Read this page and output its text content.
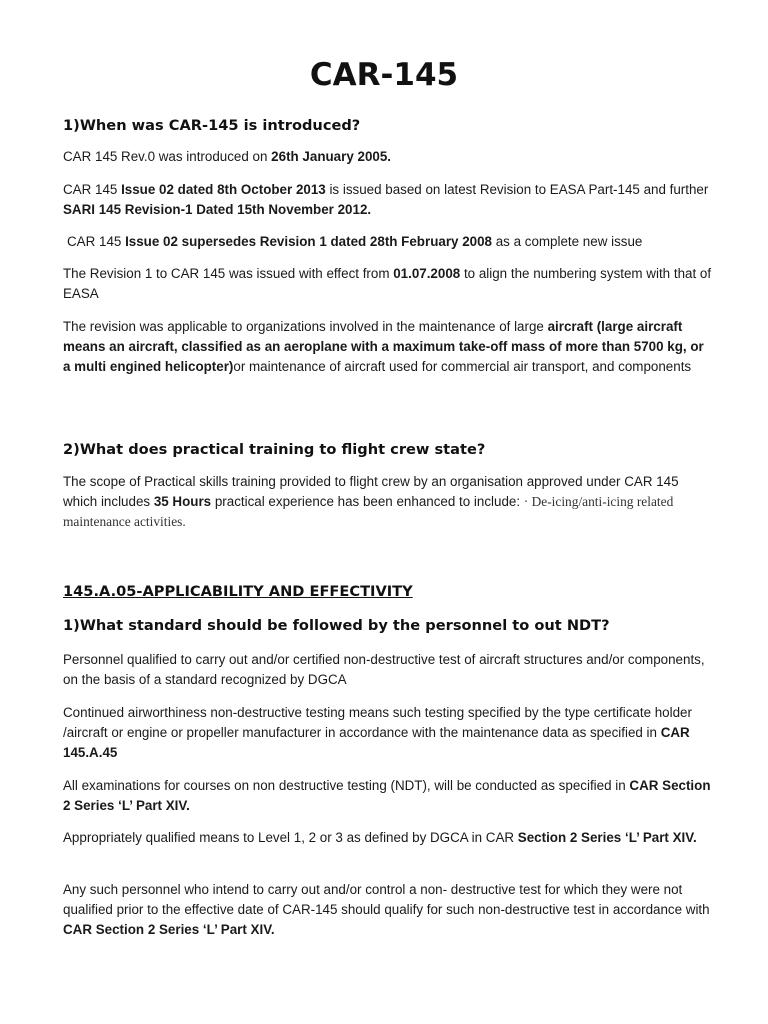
CAR-145
1)When was CAR-145 is introduced?

CAR 145 Rev.0 was introduced on 26th January 2005.

CAR 145 Issue 02 dated 8th October 2013 is issued based on latest Revision to EASA Part-145 and further SARI 145 Revision-1 Dated 15th November 2012.

CAR 145 Issue 02 supersedes Revision 1 dated 28th February 2008 as a complete new issue

The Revision 1 to CAR 145 was issued with effect from 01.07.2008 to align the numbering system with that of EASA

The revision was applicable to organizations involved in the maintenance of large aircraft (large aircraft means an aircraft, classified as an aeroplane with a maximum take-off mass of more than 5700 kg, or a multi engined helicopter)or maintenance of aircraft used for commercial air transport, and components

2)What does practical training to flight crew state?

The scope of Practical skills training provided to flight crew by an organisation approved under CAR 145 which includes 35 Hours practical experience has been enhanced to include: · De-icing/anti-icing related maintenance activities.

145.A.05-APPLICABILITY AND EFFECTIVITY
1)What standard should be followed by the personnel to out NDT?

Personnel qualified to carry out and/or certified non-destructive test of aircraft structures and/or components, on the basis of a standard recognized by DGCA

Continued airworthiness non-destructive testing means such testing specified by the type certificate holder /aircraft or engine or propeller manufacturer in accordance with the maintenance data as specified in CAR 145.A.45

All examinations for courses on non destructive testing (NDT), will be conducted as specified in CAR Section 2 Series ‘L’ Part XIV.

Appropriately qualified means to Level 1, 2 or 3 as defined by DGCA in CAR Section 2 Series ‘L’ Part XIV.

Any such personnel who intend to carry out and/or control a non- destructive test for which they were not qualified prior to the effective date of CAR-145 should qualify for such non-destructive test in accordance with CAR Section 2 Series ‘L’ Part XIV.
